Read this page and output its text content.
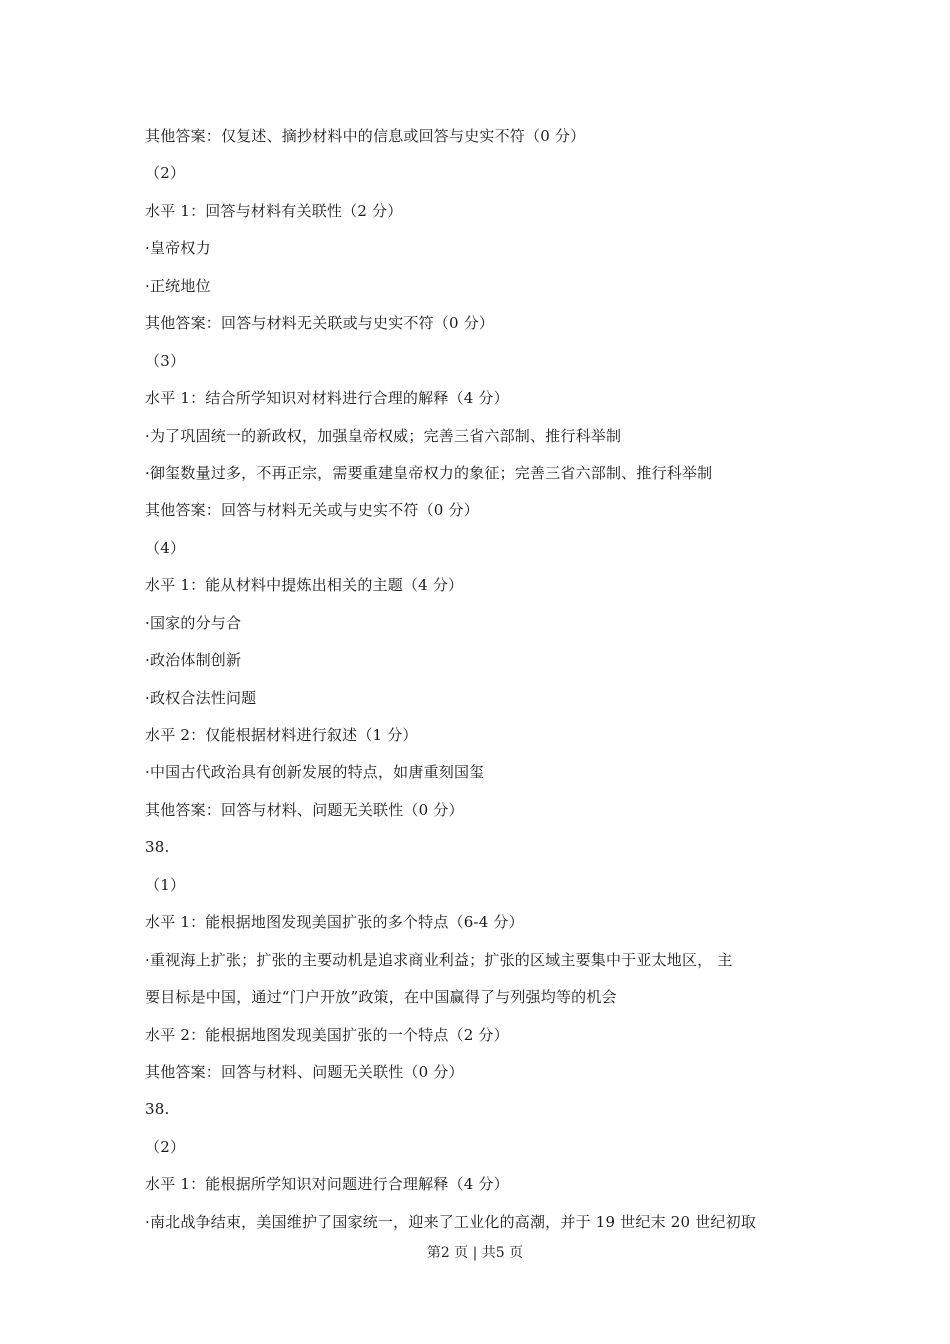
其他答案：仅复述、摘抄材料中的信息或回答与史实不符（0 分）
（2）
水平 1：回答与材料有关联性（2 分）
·皇帝权力
·正统地位
其他答案：回答与材料无关联或与史实不符（0 分）
（3）
水平 1：结合所学知识对材料进行合理的解释（4 分）
·为了巩固统一的新政权，加强皇帝权威；完善三省六部制、推行科举制
·御玺数量过多，不再正宗，需要重建皇帝权力的象征；完善三省六部制、推行科举制
其他答案：回答与材料无关或与史实不符（0 分）
（4）
水平 1：能从材料中提炼出相关的主题（4 分）
·国家的分与合
·政治体制创新
·政权合法性问题
水平 2：仅能根据材料进行叙述（1 分）
·中国古代政治具有创新发展的特点，如唐重刻国玺
其他答案：回答与材料、问题无关联性（0 分）
38.
（1）
水平 1：能根据地图发现美国扩张的多个特点（6-4 分）
·重视海上扩张；扩张的主要动机是追求商业利益；扩张的区域主要集中于亚太地区， 主
要目标是中国，通过“门户开放”政策，在中国赢得了与列强均等的机会
水平 2：能根据地图发现美国扩张的一个特点（2 分）
其他答案：回答与材料、问题无关联性（0 分）
38.
（2）
水平 1：能根据所学知识对问题进行合理解释（4 分）
·南北战争结束，美国维护了国家统一，迎来了工业化的高潮，并于 19 世纪末 20 世纪初取
第2 页 | 共5 页
